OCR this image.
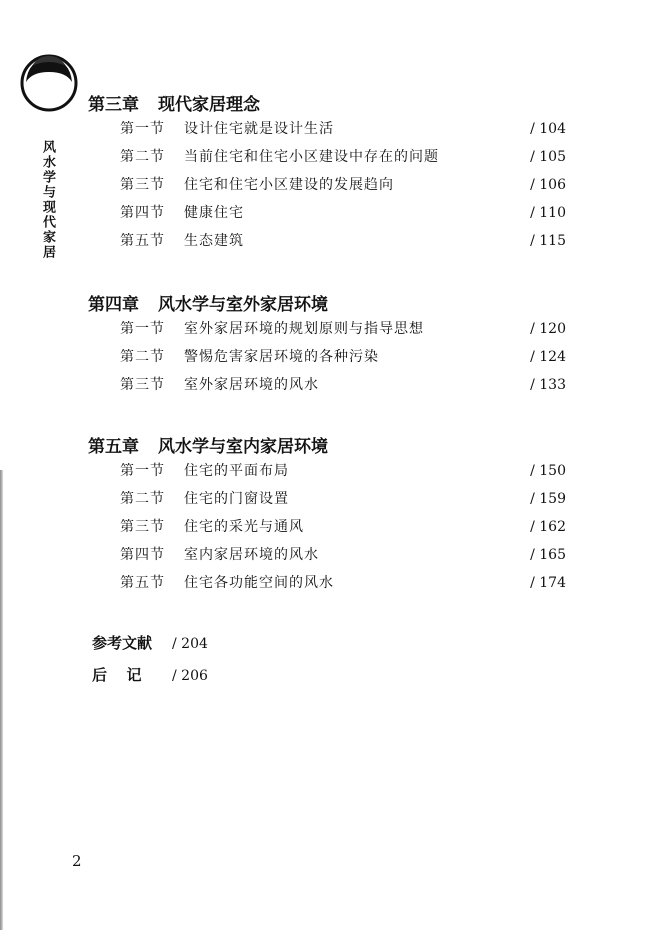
风水学与现代家居
第三章 现代家居理念
第一节 设计住宅就是设计生活	/ 104
第二节 当前住宅和住宅小区建设中存在的问题	/ 105
第三节 住宅和住宅小区建设的发展趋向	/ 106
第四节 健康住宅	/ 110
第五节 生态建筑	/ 115
第四章 风水学与室外家居环境
第一节 室外家居环境的规划原则与指导思想	/ 120
第二节 警惕危害家居环境的各种污染	/ 124
第三节 室外家居环境的风水	/ 133
第五章 风水学与室内家居环境
第一节 住宅的平面布局	/ 150
第二节 住宅的门窗设置	/ 159
第三节 住宅的采光与通风	/ 162
第四节 室内家居环境的风水	/ 165
第五节 住宅各功能空间的风水	/ 174
参考文献 / 204
后记 / 206
2
